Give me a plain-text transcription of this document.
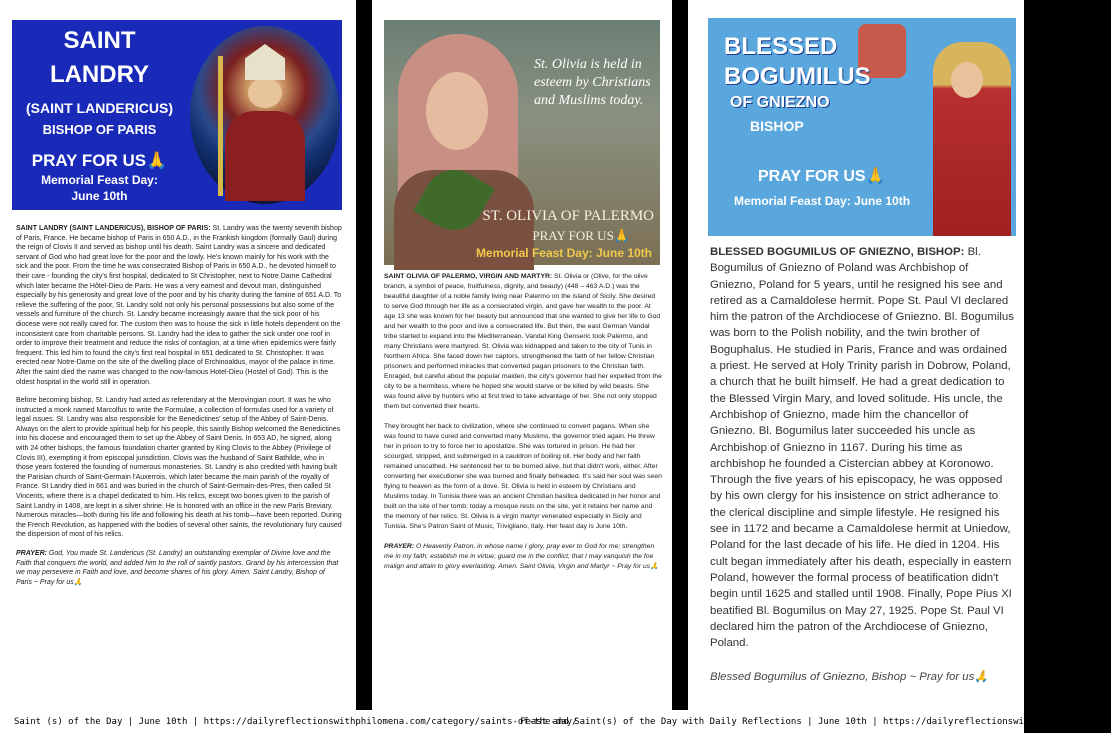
SAINT
LANDRY
(SAINT LANDERICUS)
BISHOP OF PARIS
PRAY FOR US🙏
Memorial Feast Day:
June 10th

SAINT LANDRY (SAINT LANDERICUS), BISHOP OF PARIS: St. Landry was the twenty seventh bishop of Paris, France. He became bishop of Paris in 650 A.D., in the Frankish kingdom (formally Gaul) during the reign of Clovis II and served as bishop until his death. Saint Landry was a sincere and dedicated servant of God who had great love for the poor and the lowly. He's known mainly for his work with the sick and the poor. From the time he was consecrated Bishop of Paris in 650 A.D., he devoted himself to their care - founding the city's first hospital, dedicated to St Christopher, next to Notre Dame Cathedral which later became the Hôtel-Dieu de Paris. He was a very earnest and devout man, distinguished especially by his generosity and great love of the poor and by his charity during the famine of 651 A.D. To relieve the suffering of the poor, St. Landry sold not only his personal possessions but also some of the vessels and furniture of the church. St. Landry became increasingly aware that the sick poor of his diocese were not really cared for. The custom then was to house the sick in little hotels dependent on the inconsistent care from charitable persons. St. Landry had the idea to gather the sick under one roof in order to improve their treatment and reduce the risks of contagion, at a time when epidemics were fairly frequent. This led him to found the city's first real hospital in 651 dedicated to St. Christopher. It was erected near Notre-Dame on the site of the dwelling place of Erchinoaldus, mayor of the palace in time. After the saint died the name was changed to the now-famous Hotel-Dieu (Hostel of God). This is the oldest hospital in the world still in operation.

Before becoming bishop, St. Landry had acted as referendary at the Merovingian court. It was he who instructed a monk named Marcolfus to write the Formulae, a collection of formulas used for a variety of legal issues. St. Landry was also responsible for the Benedictines' setup of the Abbey of Saint-Denis. Always on the alert to provide spiritual help for his people, this saintly Bishop welcomed the Benedictines into his diocese and encouraged them to set up the Abbey of Saint Denis. In 653 AD, he signed, along with 24 other bishops, the famous foundation charter granted by King Clovis to the Abbey (Privilege of Clovis III), exempting it from episcopal jurisdiction. Clovis was the husband of Saint Bathilde, who in those years fostered the founding of numerous monasteries. St. Landry is also credited with having built the Parisian church of Saint-Germain l'Auxerrois, which later became the main parish of the royalty of France. St Landry died in 661 and was buried in the church of Saint-Germain-des-Pres, then called St Vincents, where there is a chapel dedicated to him. His relics, except two bones given to the parish of Saint Landry in 1408, are kept in a silver shrine. He is honored with an office in the new Paris Breviary. Numerous miracles—both during his life and following his death at his tomb—have been reported. During the French Revolution, as happened with the bodies of several other saints, the revolutionary fury caused the dispersion of most of his relics.

PRAYER: God, You made St. Landericus (St. Landry) an outstanding exemplar of Divine love and the Faith that conquers the world, and added him to the roll of saintly pastors. Grand by his intercession that we may persevere in Faith and love, and become shares of his glory. Amen. Saint Landry, Bishop of Paris ~ Pray for us🙏

St. Olivia is held in esteem by Christians and Muslims today.
ST. OLIVIA OF PALERMO
PRAY FOR US🙏
Memorial Feast Day: June 10th

SAINT OLIVIA OF PALERMO, VIRGIN AND MARTYR: St. Olivia or (Olive, for the olive branch, a symbol of peace, fruitfulness, dignity, and beauty) (448 – 463 A.D.) was the beautiful daughter of a noble family living near Palermo on the island of Sicily. She desired to serve God through her life as a consecrated virgin, and gave her wealth to the poor. At age 13 she was known for her beauty but announced that she wanted to give her life to God and her wealth to the poor and live a consecrated life. But then, the east German Vandal tribe started to expand into the Mediterranean. Vandal King Genseric took Palermo, and many Christians were martyred. St. Olivia was kidnapped and taken to the city of Tunis in Northern Africa. She faced down her captors, strengthened the faith of her fellow Christian prisoners and performed miracles that converted pagan prisoners to the Christian faith. Enraged, but careful about the popular maiden, the city's governor had her expelled from the city to be a hermitess, where he hoped she would starve or be killed by wild beasts. She was found alive by hunters who at first tried to take advantage of her. She not only stopped them but converted their hearts.

They brought her back to civilization, where she continued to convert pagans. When she was found to have cured and converted many Muslims, the governor tried again. He threw her in prison to try to force her to apostatize. She was tortured in prison. He had her scourged, stripped, and submerged in a cauldron of boiling oil. Her body and her faith remained unscathed. He sentenced her to be burned alive, but that didn't work, either. After converting her executioner she was burned and finally beheaded. It's said her soul was seen flying to heaven as the form of a dove. St. Olivia is held in esteem by Christians and Muslims today. In Tunisia there was an ancient Christian basilica dedicated in her honor and built on the site of her tomb; today a mosque rests on the site, yet it retains her name and the memory of her relics. St. Olivia is a virgin martyr venerated especially in Sicily and Tunisia. She's Patron Saint of Music, Trivigliano, Italy. Her feast day is June 10th.

PRAYER: O Heavenly Patron, in whose name I glory, pray ever to God for me; strengthen me in my faith; establish me in virtue; guard me in the conflict; that I may vanquish the foe malign and attain to glory everlasting. Amen. Saint Olivia, Virgin and Martyr ~ Pray for us🙏

BLESSED
BOGUMILUS
OF GNIEZNO
BISHOP
PRAY FOR US🙏
Memorial Feast Day: June 10th

BLESSED BOGUMILUS OF GNIEZNO, BISHOP: Bl. Bogumilus of Gniezno of Poland was Archbishop of Gniezno, Poland for 5 years, until he resigned his see and retired as a Camaldolese hermit. Pope St. Paul VI declared him the patron of the Archdiocese of Gniezno. Bl. Bogumilus was born to the Polish nobility, and the twin brother of Boguphalus. He studied in Paris, France and was ordained a priest. He served at Holy Trinity parish in Dobrow, Poland, a church that he built himself. He had a great dedication to the Blessed Virgin Mary, and loved solitude. His uncle, the Archbishop of Gniezno, made him the chancellor of Gniezno. Bl. Bogumilus later succeeded his uncle as Archbishop of Gniezno in 1167. During his time as archbishop he founded a Cistercian abbey at Koronowo. Through the five years of his episcopacy, he was opposed by his own clergy for his insistence on strict adherance to the clerical discipline and simple lifestyle. He resigned his see in 1172 and became a Camaldolese hermit at Uniedow, Poland for the last decade of his life. He died in 1204. His cult began immediately after his death, especially in eastern Poland, however the formal process of beatification didn't begin until 1625 and stalled until 1908. Finally, Pope Pius XI beatified Bl. Bogumilus on May 27, 1925. Pope St. Paul VI declared him the patron of the Archdiocese of Gniezno, Poland.

Blessed Bogumilus of Gniezno, Bishop ~ Pray for us🙏

Saint (s) of the Day | June 10th | https://dailyreflectionswithphilomena.com/category/saints-of-the-day/
Feast and Saint(s) of the Day with Daily Reflections | June 10th | https://dailyreflectionswithphilomena.com/
